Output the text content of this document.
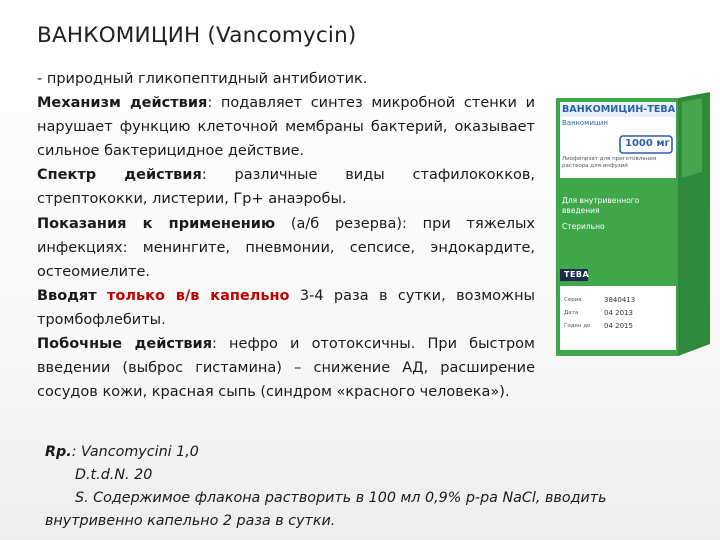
ВАНКОМИЦИН (Vancomycin)

- природный гликопептидный антибиотик.

Механизм действия: подавляет синтез микробной стенки и нарушает функцию клеточной мембраны бактерий, оказывает сильное бактерицидное действие.

Спектр действия: различные виды стафилококков, стрептококки, листерии, Гр+ анаэробы.

Показания к применению (а/б резерва): при тяжелых инфекциях: менингите, пневмонии, сепсисе, эндокардите, остеомиелите.

Вводят только в/в капельно 3-4 раза в сутки, возможны тромбофлебиты.

Побочные действия: нефро и ототоксичны. При быстром введении (выброс гистамина) – снижение АД, расширение сосудов кожи, красная сыпь (синдром «красного человека»).

ВАНКОМИЦИН-ТЕВА
Ванкомицин
1000 мг
Лиофилизат для приготовления раствора для инфузий
Для внутривенного введения
Стерильно
ТЕВА
Серия	3840413
Дата	04 2013
Годен до 04 2015

Rp.: Vancomycini 1,0

D.t.d.N. 20

S. Содержимое флакона растворить в 100 мл 0,9% р-ра NaCl, вводить

внутривенно капельно 2 раза в сутки.
